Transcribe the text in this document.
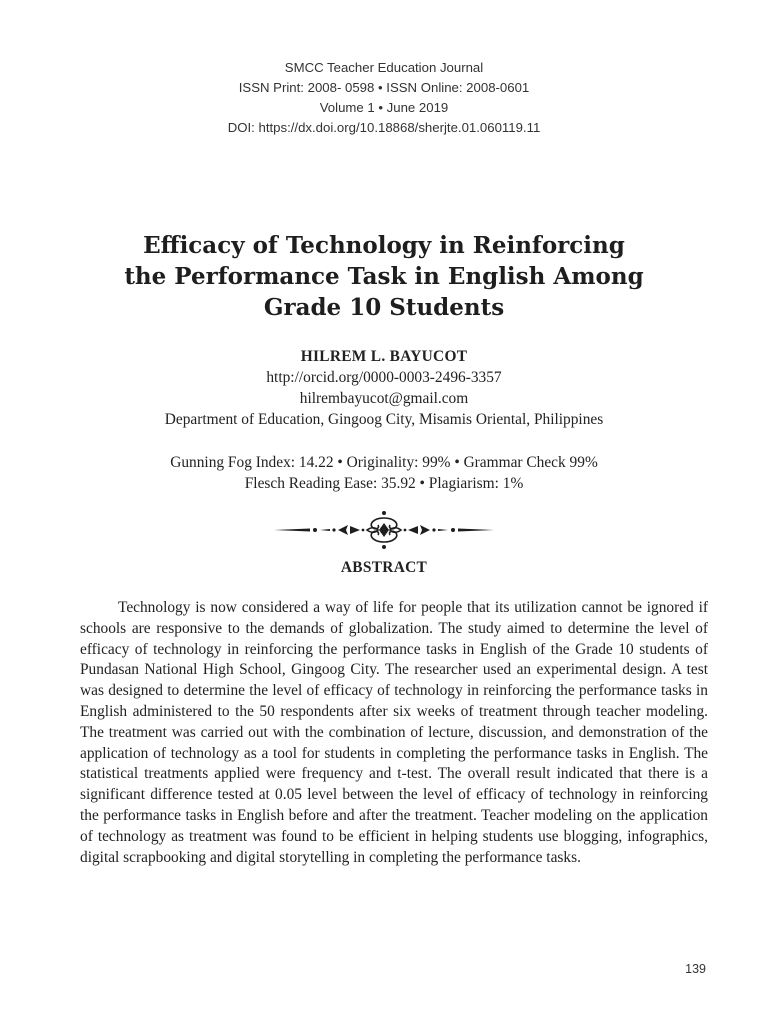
SMCC Teacher Education Journal
ISSN Print: 2008- 0598 • ISSN Online: 2008-0601
Volume 1 • June 2019
DOI: https://dx.doi.org/10.18868/sherjte.01.060119.11
Efficacy of Technology in Reinforcing
the Performance Task in English Among
Grade 10 Students
HILREM L. BAYUCOT
http://orcid.org/0000-0003-2496-3357
hilrembayucot@gmail.com
Department of Education, Gingoog City, Misamis Oriental, Philippines
Gunning Fog Index: 14.22 • Originality: 99% • Grammar Check 99%
Flesch Reading Ease: 35.92 • Plagiarism: 1%
ABSTRACT

Technology is now considered a way of life for people that its utilization cannot be ignored if schools are responsive to the demands of globalization. The study aimed to determine the level of efficacy of technology in reinforcing the performance tasks in English of the Grade 10 students of Pundasan National High School, Gingoog City. The researcher used an experimental design. A test was designed to determine the level of efficacy of technology in reinforcing the performance tasks in English administered to the 50 respondents after six weeks of treatment through teacher modeling. The treatment was carried out with the combination of lecture, discussion, and demonstration of the application of technology as a tool for students in completing the performance tasks in English. The statistical treatments applied were frequency and t-test. The overall result indicated that there is a significant difference tested at 0.05 level between the level of efficacy of technology in reinforcing the performance tasks in English before and after the treatment. Teacher modeling on the application of technology as treatment was found to be efficient in helping students use blogging, infographics, digital scrapbooking and digital storytelling in completing the performance tasks.

139
